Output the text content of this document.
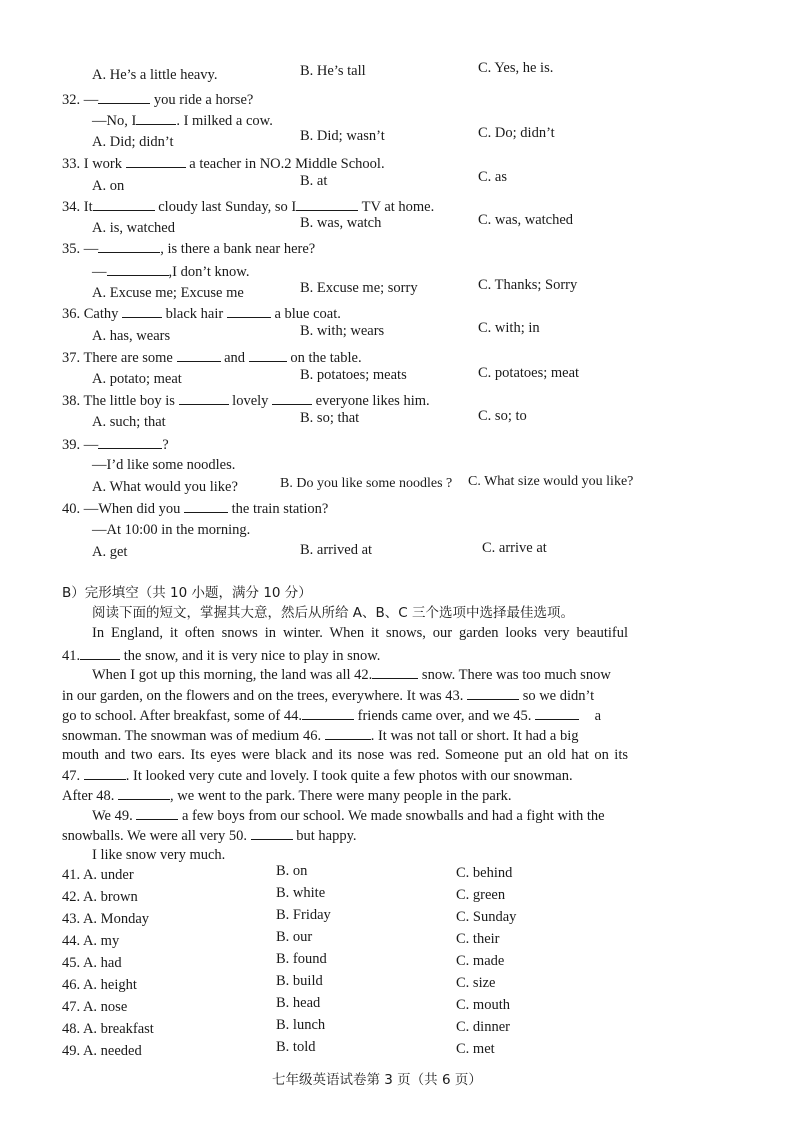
A. He’s a little heavy.	B. He’s tall	C. Yes, he is.
32. —	you ride a horse?
—No, I	. I milked a cow.
A. Did; didn’t	B. Did; wasn’t	C. Do; didn’t
33. I work	a teacher in NO.2 Middle School.
A. on	B. at	C. as
34. It	cloudy last Sunday, so I	TV at home.
A. is, watched	B. was, watch	C. was, watched
35. —	, is there a bank near here?
—	,I don’t know.
A. Excuse me; Excuse me	B. Excuse me; sorry	C. Thanks; Sorry
36. Cathy	black hair	a blue coat.
A. has, wears	B. with; wears	C. with; in
37. There are some	and	on the table.
A. potato; meat	B. potatoes; meats	C. potatoes; meat
38. The little boy is	lovely	everyone likes him.
A. such; that	B. so; that	C. so; to
39. —	?
—I’d like some noodles.
A. What would you like?	B. Do you like some noodles ? C. What size would you like?
40. —When did you	the train station?
—At 10:00 in the morning.
A. get	B. arrived at	C. arrive at
B）完形填空（共 10 小题，满分 10 分）
阅读下面的短文，掌握其大意，然后从所给 A、B、C 三个选项中选择最佳选项。
In England, it often snows in winter. When it snows, our garden looks very beautiful
41.	the snow, and it is very nice to play in snow.
When I got up this morning, the land was all 42.	snow. There was too much snow
in our garden, on the flowers and on the trees, everywhere. It was 43.	so we didn’t
go to school. After breakfast, some of 44.	friends came over, and we 45.	a
snowman. The snowman was of medium 46.	. It was not tall or short. It had a big
mouth and two ears. Its eyes were black and its nose was red. Someone put an old hat on its
47.	. It looked very cute and lovely. I took quite a few photos with our snowman.
After 48.	, we went to the park. There were many people in the park.
We 49.	a few boys from our school. We made snowballs and had a fight with the
snowballs. We were all very 50.	but happy.
I like snow very much.
41. A. under	B. on	C. behind
42. A. brown	B. white	C. green
43. A. Monday	B. Friday	C. Sunday
44. A. my	B. our	C. their
45. A. had	B. found	C. made
46. A. height	B. build	C. size
47. A. nose	B. head	C. mouth
48. A. breakfast	B. lunch	C. dinner
49. A. needed	B. told	C. met
七年级英语试卷第 3 页（共 6 页）
